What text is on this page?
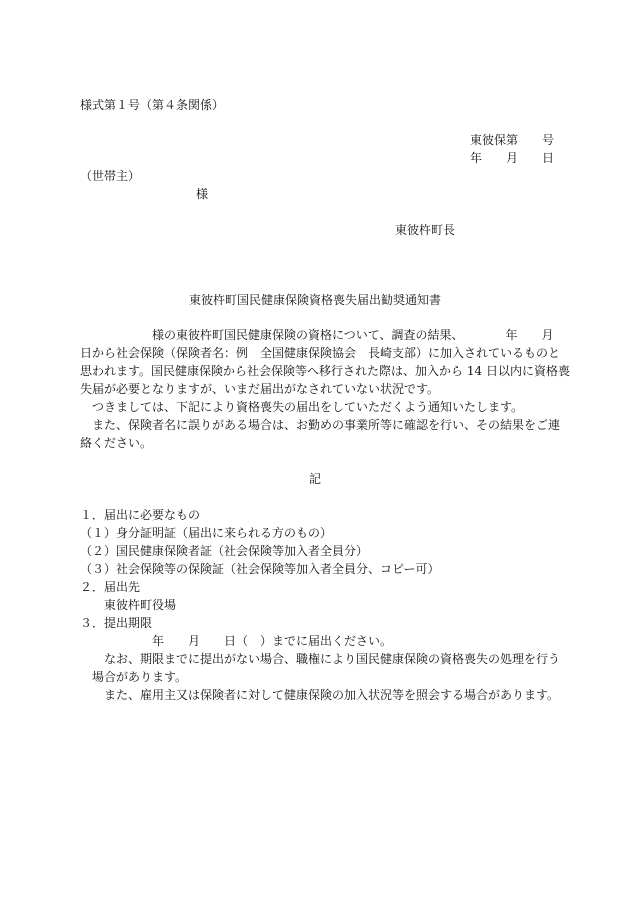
様式第１号（第４条関係）
東彼保第　　号
年　　月　　日
（世帯主）
様
東彼杵町長
東彼杵町国民健康保険資格喪失届出勧奨通知書
　　　　　　様の東彼杵町国民健康保険の資格について、調査の結果、　　　　年　　月
日から社会保険（保険者名：例　全国健康保険協会　長崎支部）に加入されているものと
思われます。国民健康保険から社会保険等へ移行された際は、加入から 14 日以内に資格喪
失届が必要となりますが、いまだ届出がなされていない状況です。
　つきましては、下記により資格喪失の届出をしていただくよう通知いたします。
　また、保険者名に誤りがある場合は、お勤めの事業所等に確認を行い、その結果をご連
絡ください。
記
１．届出に必要なもの
（１）身分証明証（届出に来られる方のもの）
（２）国民健康保険者証（社会保険等加入者全員分）
（３）社会保険等の保険証（社会保険等加入者全員分、コピー可）
２．届出先
東彼杵町役場
３．提出期限
年　　月　　日（　）までに届出ください。
なお、期限までに提出がない場合、職権により国民健康保険の資格喪失の処理を行う
場合があります。
また、雇用主又は保険者に対して健康保険の加入状況等を照会する場合があります。
